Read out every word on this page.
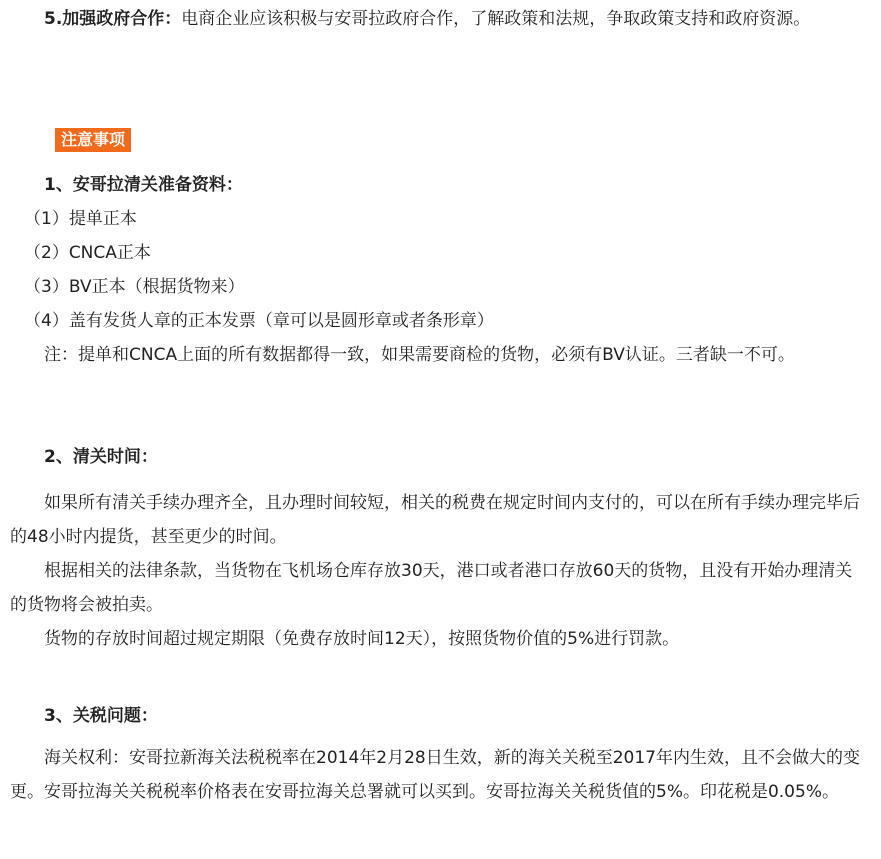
5.加强政府合作：电商企业应该积极与安哥拉政府合作，了解政策和法规，争取政策支持和政府资源。

注意事项

1、安哥拉清关准备资料：

（1）提单正本

（2）CNCA正本

（3）BV正本（根据货物来）

（4）盖有发货人章的正本发票（章可以是圆形章或者条形章）

注：提单和CNCA上面的所有数据都得一致，如果需要商检的货物，必须有BV认证。三者缺一不可。

2、清关时间：

如果所有清关手续办理齐全，且办理时间较短，相关的税费在规定时间内支付的，可以在所有手续办理完毕后的48小时内提货，甚至更少的时间。

根据相关的法律条款，当货物在飞机场仓库存放30天，港口或者港口存放60天的货物，且没有开始办理清关的货物将会被拍卖。

货物的存放时间超过规定期限（免费存放时间12天），按照货物价值的5%进行罚款。

3、关税问题：

海关权利：安哥拉新海关法税税率在2014年2月28日生效，新的海关关税至2017年内生效，且不会做大的变更。安哥拉海关关税税率价格表在安哥拉海关总署就可以买到。安哥拉海关关税货值的5%。印花税是0.05%。
